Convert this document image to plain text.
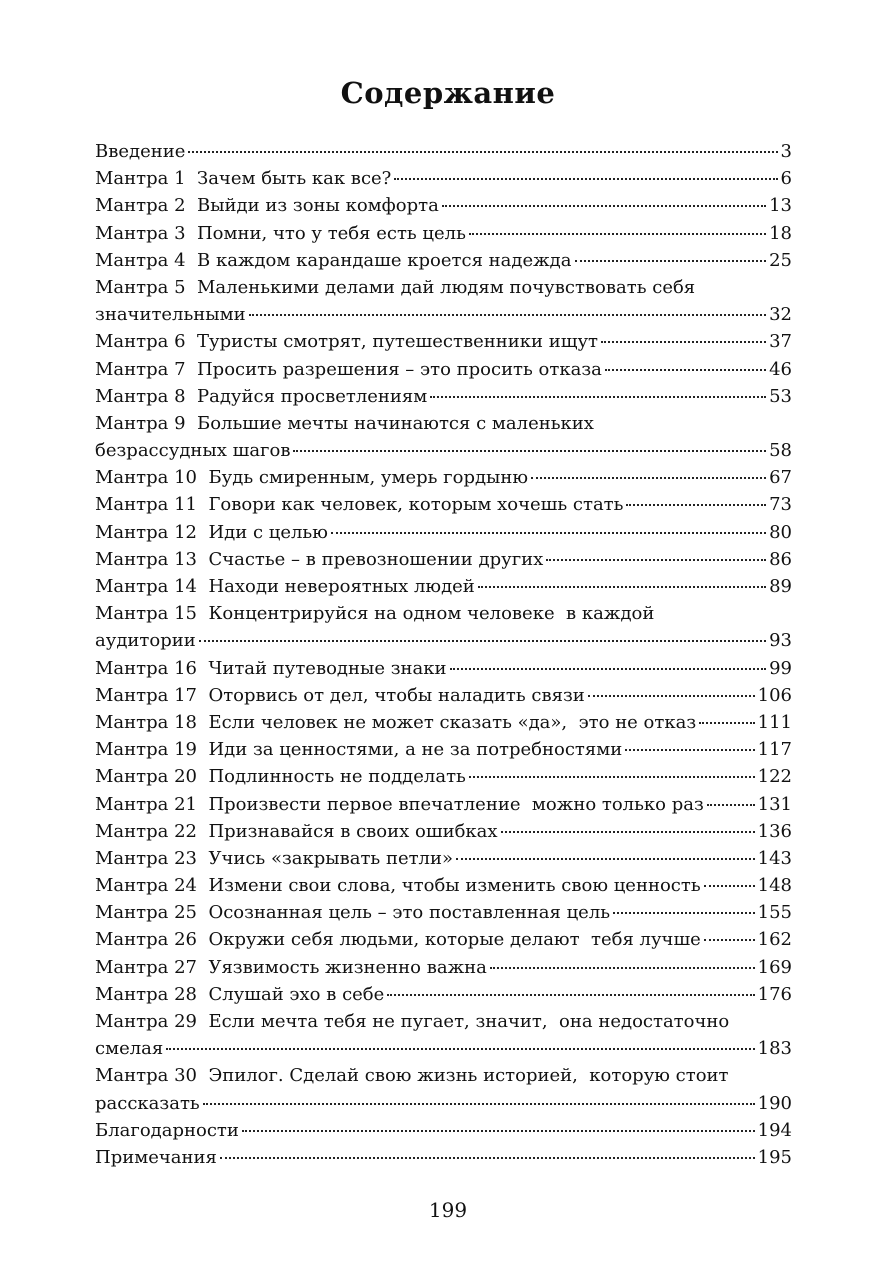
Содержание
Введение	3
Мантра 1  Зачем быть как все?	6
Мантра 2  Выйди из зоны комфорта	13
Мантра 3  Помни, что у тебя есть цель	18
Мантра 4  В каждом карандаше кроется надежда	25
Мантра 5  Маленькими делами дай людям почувствовать себя
значительными	32
Мантра 6  Туристы смотрят, путешественники ищут	37
Мантра 7  Просить разрешения – это просить отказа	46
Мантра 8  Радуйся просветлениям	53
Мантра 9  Большие мечты начинаются с маленьких
безрассудных шагов	58
Мантра 10  Будь смиренным, умерь гордыню	67
Мантра 11  Говори как человек, которым хочешь стать	73
Мантра 12  Иди с целью	80
Мантра 13  Счастье – в превозношении других	86
Мантра 14  Находи невероятных людей	89
Мантра 15  Концентрируйся на одном человеке  в каждой
аудитории	93
Мантра 16  Читай путеводные знаки	99
Мантра 17  Оторвись от дел, чтобы наладить связи	106
Мантра 18  Если человек не может сказать «да»,  это не отказ	111
Мантра 19  Иди за ценностями, а не за потребностями	117
Мантра 20  Подлинность не подделать	122
Мантра 21  Произвести первое впечатление  можно только раз	131
Мантра 22  Признавайся в своих ошибках	136
Мантра 23  Учись «закрывать петли»	143
Мантра 24  Измени свои слова, чтобы изменить свою ценность	148
Мантра 25  Осознанная цель – это поставленная цель	155
Мантра 26  Окружи себя людьми, которые делают  тебя лучше	162
Мантра 27  Уязвимость жизненно важна	169
Мантра 28  Слушай эхо в себе	176
Мантра 29  Если мечта тебя не пугает, значит,  она недостаточно
смелая	183
Мантра 30  Эпилог. Сделай свою жизнь историей,  которую стоит
рассказать	190
Благодарности	194
Примечания	195
199
